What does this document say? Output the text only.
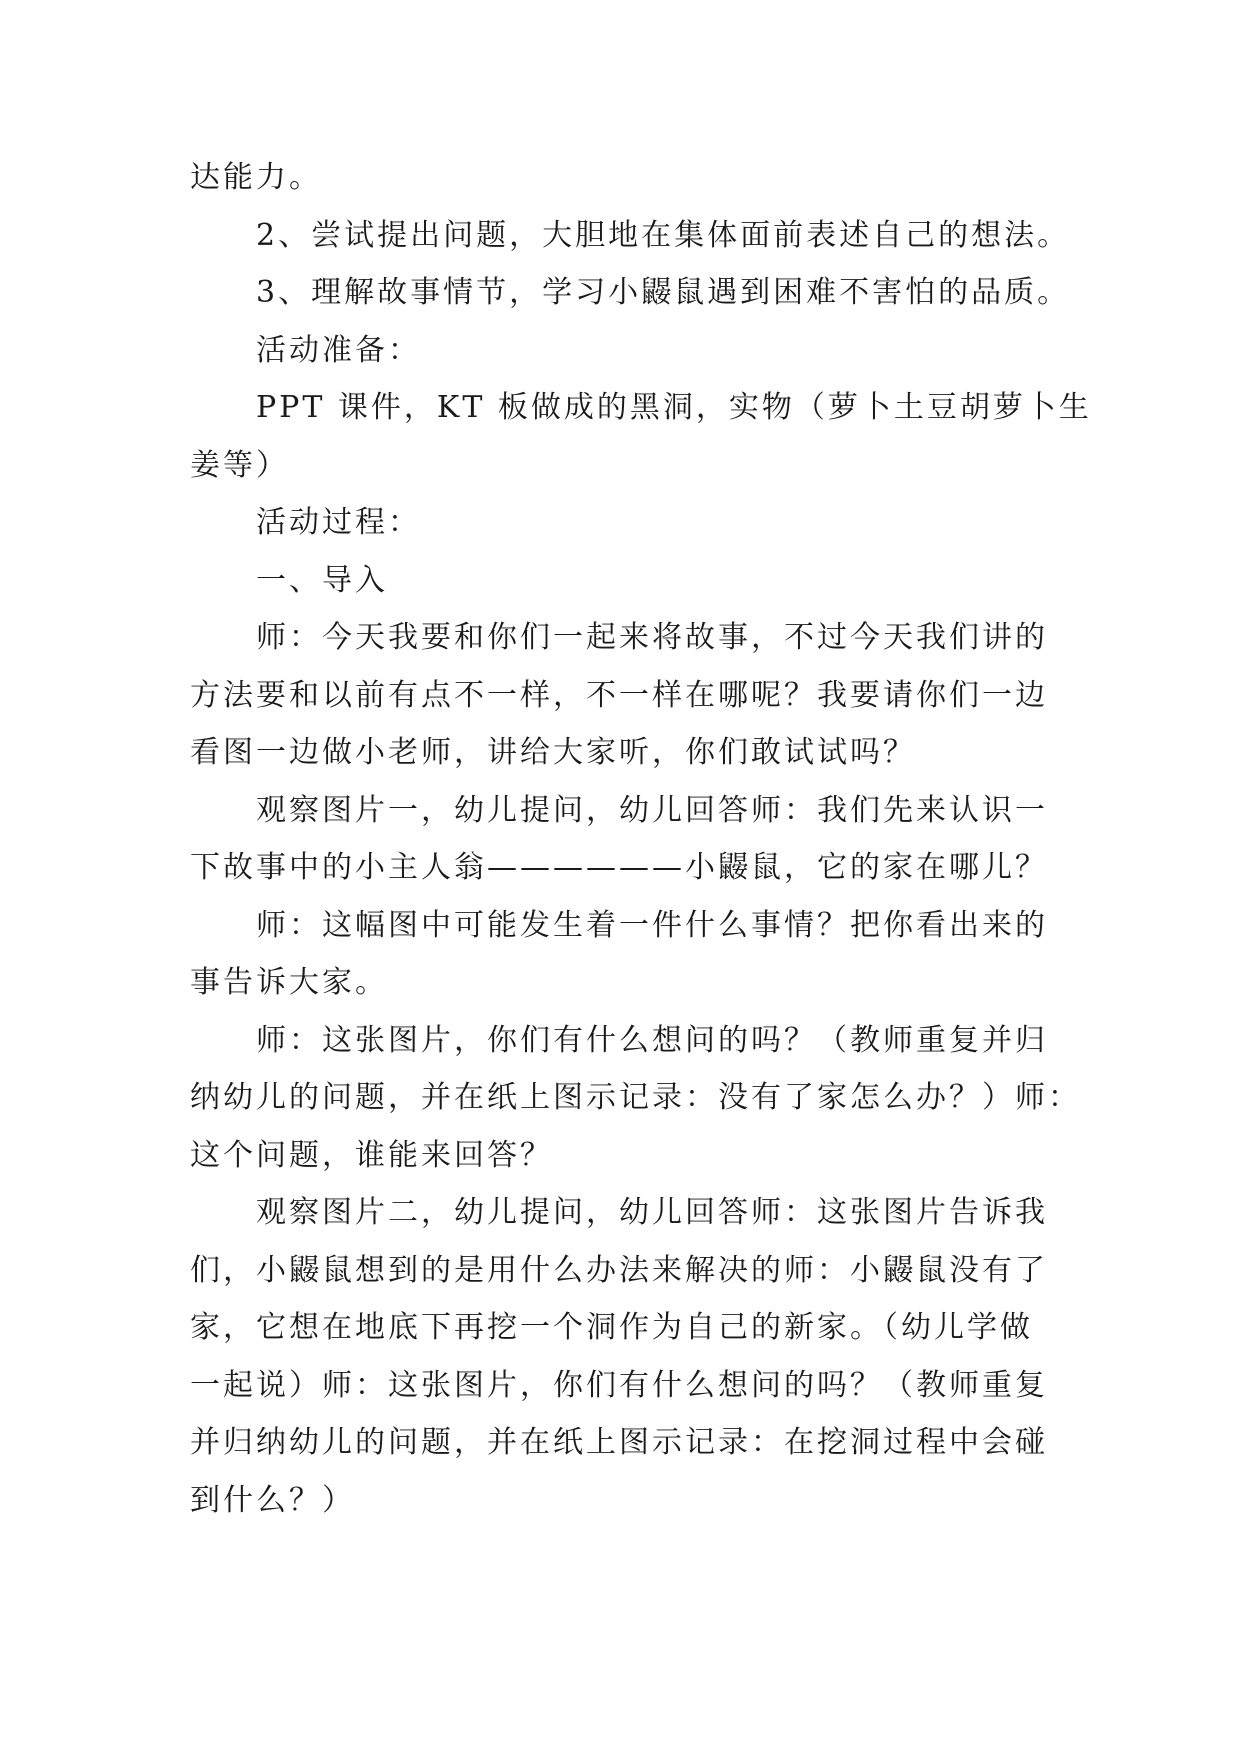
达能力。
2、尝试提出问题，大胆地在集体面前表述自己的想法。
3、理解故事情节，学习小鼹鼠遇到困难不害怕的品质。
活动准备：
PPT 课件，KT 板做成的黑洞，实物（萝卜土豆胡萝卜生
姜等）
活动过程：
一、导入
师：今天我要和你们一起来将故事，不过今天我们讲的
方法要和以前有点不一样，不一样在哪呢？我要请你们一边
看图一边做小老师，讲给大家听，你们敢试试吗？
观察图片一，幼儿提问，幼儿回答师：我们先来认识一
下故事中的小主人翁——————小鼹鼠，它的家在哪儿？
师：这幅图中可能发生着一件什么事情？把你看出来的
事告诉大家。
师：这张图片，你们有什么想问的吗？（教师重复并归
纳幼儿的问题，并在纸上图示记录：没有了家怎么办？）师：
这个问题，谁能来回答？
观察图片二，幼儿提问，幼儿回答师：这张图片告诉我
们，小鼹鼠想到的是用什么办法来解决的师：小鼹鼠没有了
家，它想在地底下再挖一个洞作为自己的新家。（幼儿学做
一起说）师：这张图片，你们有什么想问的吗？（教师重复
并归纳幼儿的问题，并在纸上图示记录：在挖洞过程中会碰
到什么？）
